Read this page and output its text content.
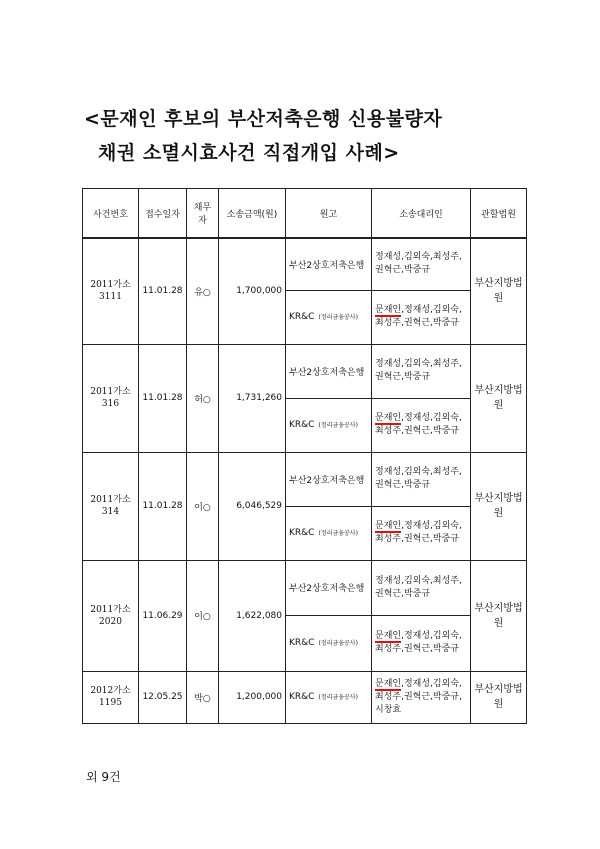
<문재인 후보의 부산저축은행 신용불량자
채권 소멸시효사건 직접개입 사례>
사건번호	접수일자	채무자	소송금액(원)	원고	소송대리인	관할법원
2011가소3111	11.01.28	유○	1,700,000	부산2상호저축은행	정재성,김외숙,최성주,권혁근,박중규	부산지방법원
				KR&C (정리금융공사)	문재인,정재성,김외숙,최성주,권혁근,박중규	
2011가소 316	11.01.28	허○	1,731,260	부산2상호저축은행	정재성,김외숙,최성주,권혁근,박중규	부산지방법원
				KR&C (정리금융공사)	문재인,정재성,김외숙,최성주,권혁근,박중규	
2011가소 314	11.01.28	이○	6,046,529	부산2상호저축은행	정재성,김외숙,최성주,권혁근,박중규	부산지방법원
				KR&C (정리금융공사)	문재인,정재성,김외숙,최성주,권혁근,박중규	
2011가소 2020	11.06.29	이○	1,622,080	부산2상호저축은행	정재성,김외숙,최성주,권혁근,박중규	부산지방법원
				KR&C (정리금융공사)	문재인,정재성,김외숙,최성주,권혁근,박중규	
2012가소 1195	12.05.25	박○	1,200,000	KR&C (정리금융공사)	문재인,정재성,김외숙,최성주,권혁근,박중규,시창효	부산지방법원
외 9건
